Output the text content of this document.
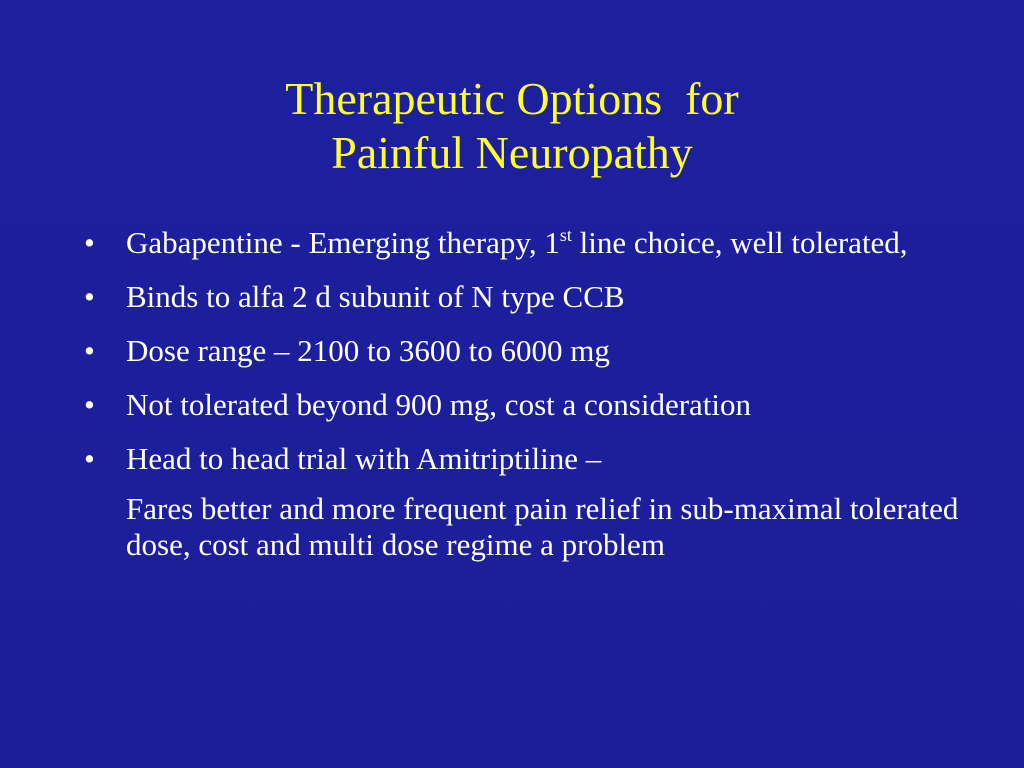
Therapeutic Options  for
Painful Neuropathy
• Gabapentine - Emerging therapy, 1st line choice, well tolerated,
• Binds to alfa 2 d subunit of N type CCB
• Dose range – 2100 to 3600 to 6000 mg
• Not tolerated beyond 900 mg, cost a consideration
• Head to head trial with Amitriptiline –
Fares better and more frequent pain relief in sub-maximal tolerated dose, cost and multi dose regime a problem
